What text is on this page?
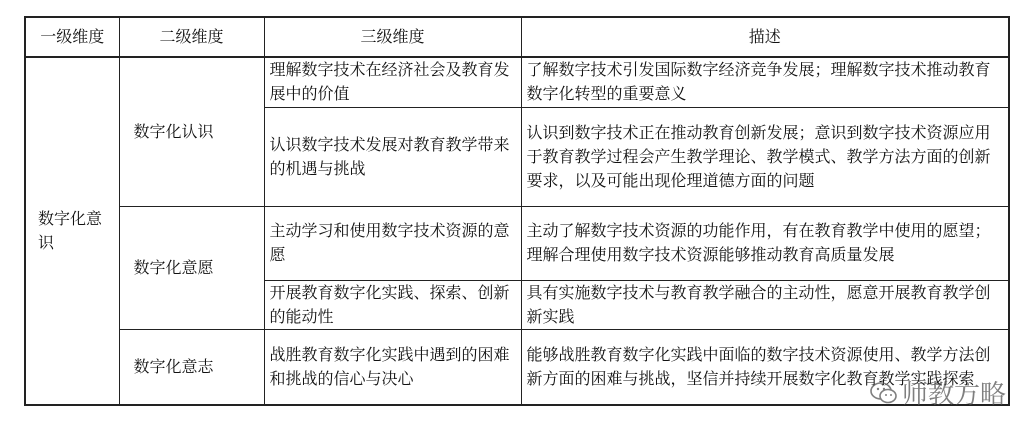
一级维度	二级维度	三级维度	描述
数字化意识	数字化认识	理解数字技术在经济社会及教育发展中的价值	了解数字技术引发国际数字经济竞争发展；理解数字技术推动教育数字化转型的重要意义
		认识数字技术发展对教育教学带来的机遇与挑战	认识到数字技术正在推动教育创新发展；意识到数字技术资源应用于教育教学过程会产生教学理论、教学模式、教学方法方面的创新要求，以及可能出现伦理道德方面的问题
	数字化意愿	主动学习和使用数字技术资源的意愿	主动了解数字技术资源的功能作用，有在教育教学中使用的愿望；理解合理使用数字技术资源能够推动教育高质量发展
		开展教育数字化实践、探索、创新的能动性	具有实施数字技术与教育教学融合的主动性，愿意开展教育教学创新实践
	数字化意志	战胜教育数字化实践中遇到的困难和挑战的信心与决心	能够战胜教育数字化实践中面临的数字技术资源使用、教学方法创新方面的困难与挑战，坚信并持续开展数字化教育教学实践探索
师教方略
